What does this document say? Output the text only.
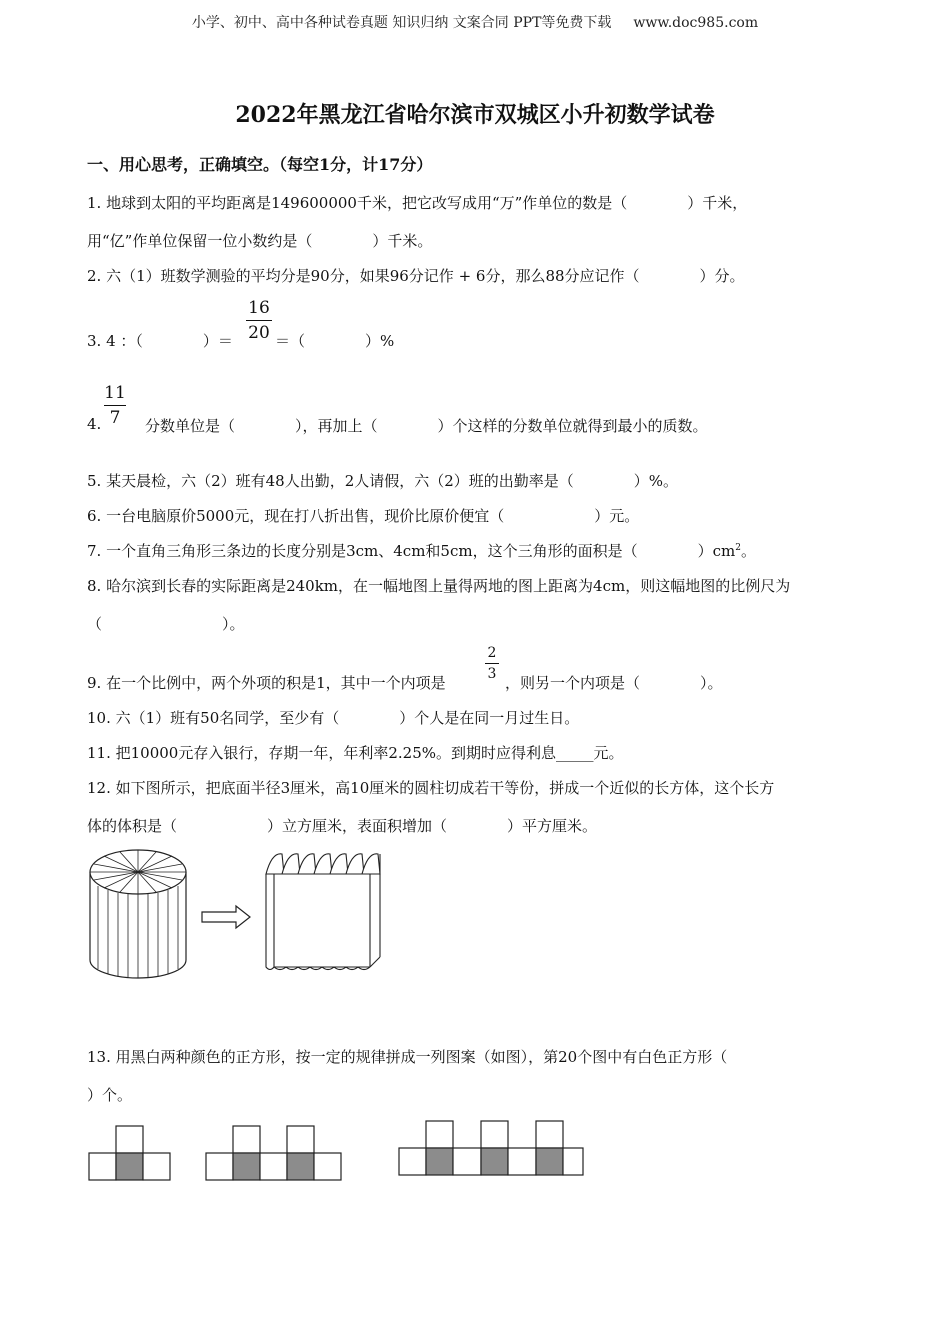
小学、初中、高中各种试卷真题 知识归纳 文案合同 PPT等免费下载 www.doc985.com
2022年黑龙江省哈尔滨市双城区小升初数学试卷
一、用心思考，正确填空。（每空1分，计17分）
1. 地球到太阳的平均距离是149600000千米，把它改写成用“万”作单位的数是（　　　　）千米，
用“亿”作单位保留一位小数约是（　　　　）千米。
2. 六（1）班数学测验的平均分是90分，如果96分记作 + 6分，那么88分应记作（　　　　）分。
3. 4 ：（　　　　）＝
16
20 ＝（　　　　）%
4.
11
7	分数单位是（　　　　），再加上（　　　　）个这样的分数单位就得到最小的质数。
5. 某天晨检，六（2）班有48人出勤，2人请假，六（2）班的出勤率是（　　　　）%。
6. 一台电脑原价5000元，现在打八折出售，现价比原价便宜（　　　　　　）元。
7. 一个直角三角形三条边的长度分别是3cm、4cm和5cm，这个三角形的面积是（　　　　）$cm^2$。
8. 哈尔滨到长春的实际距离是240km，在一幅地图上量得两地的图上距离为4cm，则这幅地图的比例尺为
（　　　　　　　　）。
9. 在一个比例中，两个外项的积是1，其中一个内项是
2
3 ，则另一个内项是（　　　　）。
10. 六（1）班有50名同学，至少有（　　　　）个人是在同一月过生日。
11. 把10000元存入银行，存期一年，年利率2.25%。到期时应得利息_____元。
12. 如下图所示，把底面半径3厘米，高10厘米的圆柱切成若干等份，拼成一个近似的长方体，这个长方
体的体积是（　　　　　　）立方厘米，表面积增加（　　　　）平方厘米。
13. 用黑白两种颜色的正方形，按一定的规律拼成一列图案（如图），第20个图中有白色正方形（
）个。
